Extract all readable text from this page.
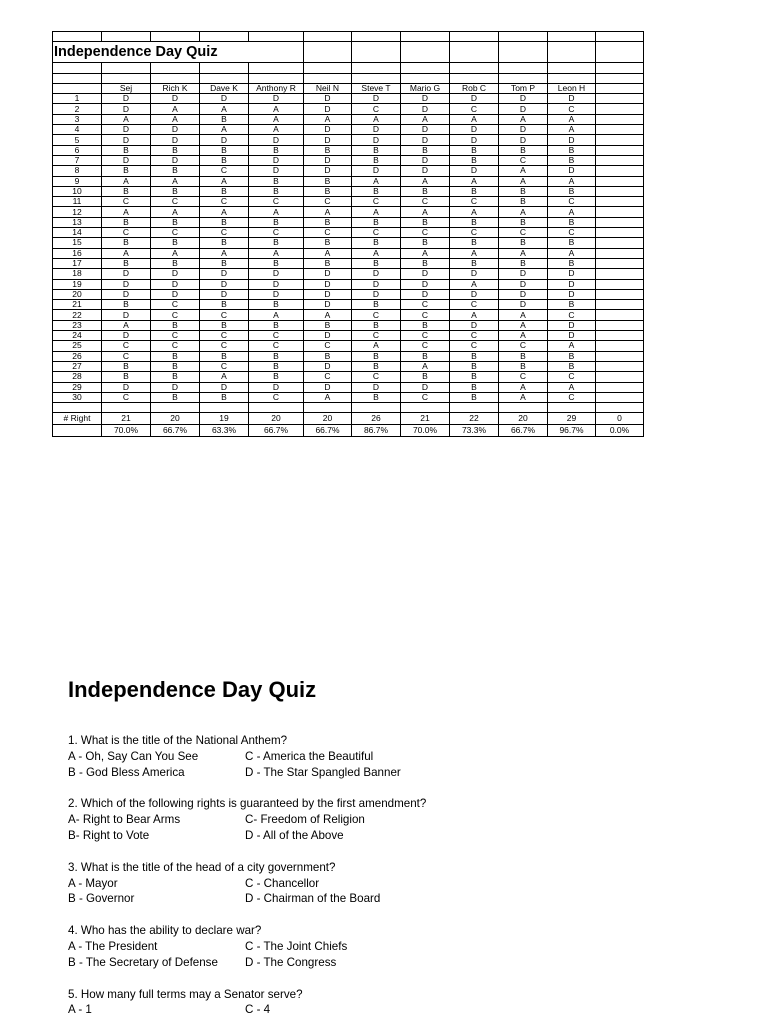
Independence Day Quiz											

	Sej	Rich K	Dave K	Anthony R	Neil N	Steve T	Mario G	Rob C	Tom P	Leon H	
1	D	D	D	D	D	D	D	D	D	D	
2	D	A	A	A	D	C	D	C	D	C	
3	A	A	B	A	A	A	A	A	A	A	
4	D	D	A	A	D	D	D	D	D	A	
5	D	D	D	D	D	D	D	D	D	D	
6	B	B	B	B	B	B	B	B	B	B	
7	D	D	B	D	D	B	D	B	C	B	
8	B	B	C	D	D	D	D	D	A	D	
9	A	A	A	B	B	A	A	A	A	A	
10	B	B	B	B	B	B	B	B	B	B	
11	C	C	C	C	C	C	C	C	B	C	
12	A	A	A	A	A	A	A	A	A	A	
13	B	B	B	B	B	B	B	B	B	B	
14	C	C	C	C	C	C	C	C	C	C	
15	B	B	B	B	B	B	B	B	B	B	
16	A	A	A	A	A	A	A	A	A	A	
17	B	B	B	B	B	B	B	B	B	B	
18	D	D	D	D	D	D	D	D	D	D	
19	D	D	D	D	D	D	D	A	D	D	
20	D	D	D	D	D	D	D	D	D	D	
21	B	C	B	B	D	B	C	C	D	B	
22	D	C	C	A	A	C	C	A	A	C	
23	A	B	B	B	B	B	B	D	A	D	
24	D	C	C	C	D	C	C	C	A	D	
25	C	C	C	C	C	A	C	C	C	A	
26	C	B	B	B	B	B	B	B	B	B	
27	B	B	C	B	D	B	A	B	B	B	
28	B	B	A	B	C	C	B	B	C	C	
29	D	D	D	D	D	D	D	B	A	A	
30	C	B	B	C	A	B	C	B	A	C	

# Right	21	20	19	20	20	26	21	22	20	29	0
	70.0%	66.7%	63.3%	66.7%	66.7%	86.7%	70.0%	73.3%	66.7%	96.7%	0.0%
Independence Day Quiz
1. What is the title of the National Anthem?
A - Oh, Say Can You See	C - America the Beautiful
B - God Bless America	D - The Star Spangled Banner
2. Which of the following rights is guaranteed by the first amendment?
A- Right to Bear Arms	C- Freedom of Religion
B- Right to Vote	D - All of the Above
3. What is the title of the head of a city government?
A - Mayor	C - Chancellor
B - Governor	D - Chairman of the Board
4. Who has the ability to declare war?
A - The President	C - The Joint Chiefs
B - The Secretary of Defense	D - The Congress
5. How many full terms may a Senator serve?
A - 1	C - 4
